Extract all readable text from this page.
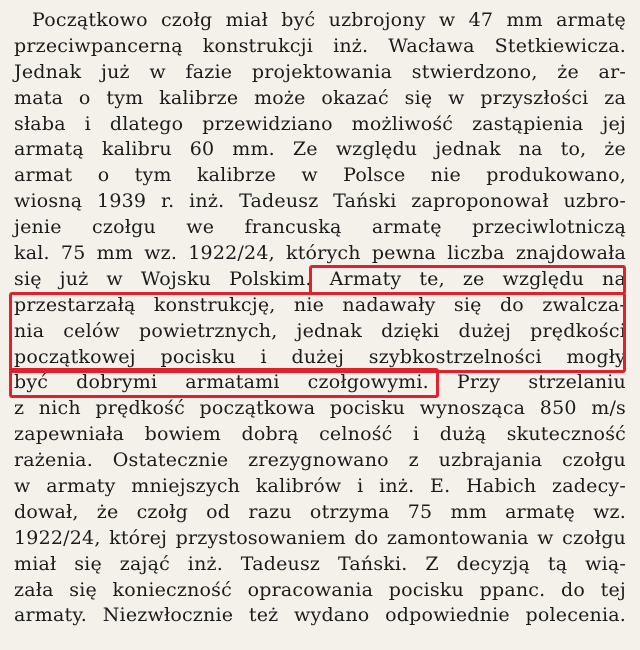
Początkowo czołg miał być uzbrojony w 47 mm armatę
przeciwpancerną konstrukcji inż. Wacława Stetkiewicza.
Jednak już w fazie projektowania stwierdzono, że ar-
mata o tym kalibrze może okazać się w przyszłości za
słaba i dlatego przewidziano możliwość zastąpienia jej
armatą kalibru 60 mm. Ze względu jednak na to, że
armat o tym kalibrze w Polsce nie produkowano,
wiosną 1939 r. inż. Tadeusz Tański zaproponował uzbro-
jenie czołgu we francuską armatę przeciwlotniczą
kal. 75 mm wz. 1922/24, których pewna liczba znajdowała
się już w Wojsku Polskim. Armaty te, ze względu na
przestarzałą konstrukcję, nie nadawały się do zwalcza-
nia celów powietrznych, jednak dzięki dużej prędkości
początkowej pocisku i dużej szybkostrzelności mogły
być dobrymi armatami czołgowymi. Przy strzelaniu
z nich prędkość początkowa pocisku wynosząca 850 m/s
zapewniała bowiem dobrą celność i dużą skuteczność
rażenia. Ostatecznie zrezygnowano z uzbrajania czołgu
w armaty mniejszych kalibrów i inż. E. Habich zadecy-
dował, że czołg od razu otrzyma 75 mm armatę wz.
1922/24, której przystosowaniem do zamontowania w czołgu
miał się zająć inż. Tadeusz Tański. Z decyzją tą wią-
zała się konieczność opracowania pocisku ppanc. do tej
armaty. Niezwłocznie też wydano odpowiednie polecenia.
